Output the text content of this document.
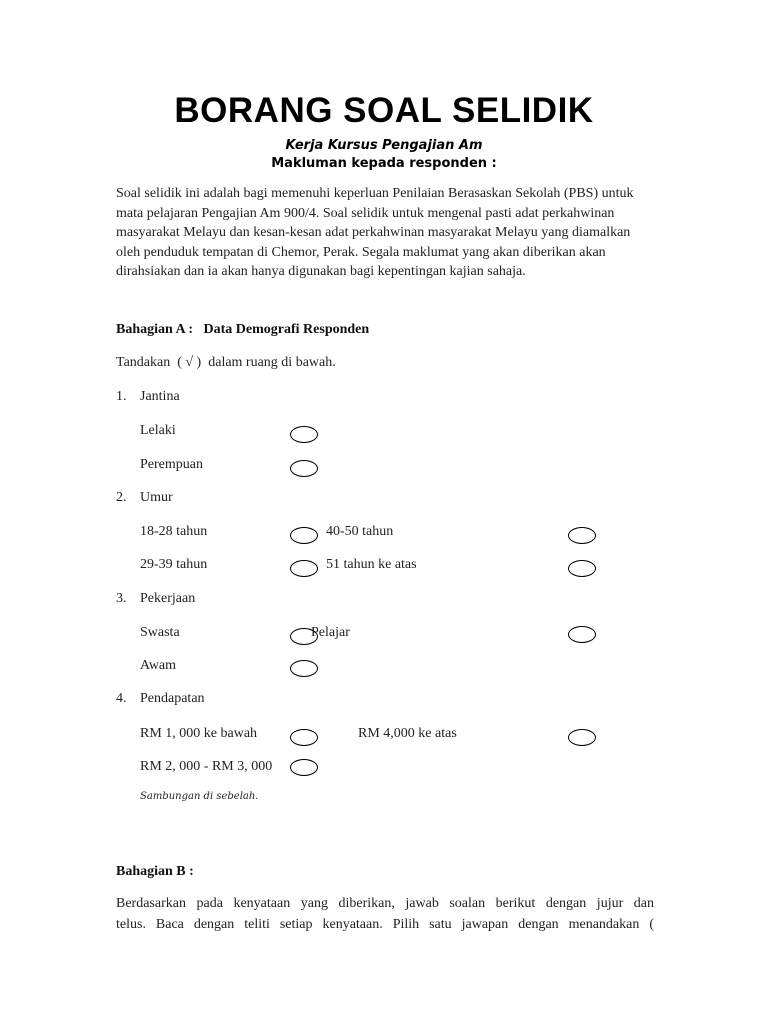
BORANG SOAL SELIDIK
Kerja Kursus Pengajian Am
Makluman kepada responden :
Soal selidik ini adalah bagi memenuhi keperluan Penilaian Berasaskan Sekolah (PBS) untuk mata pelajaran Pengajian Am 900/4. Soal selidik untuk mengenal pasti adat perkahwinan masyarakat Melayu dan kesan-kesan adat perkahwinan masyarakat Melayu yang diamalkan oleh penduduk tempatan di Chemor, Perak. Segala maklumat yang akan diberikan akan dirahsiakan dan ia akan hanya digunakan bagi kepentingan kajian sahaja.
Bahagian A :   Data Demografi Responden
Tandakan  ( √ )  dalam ruang di bawah.
1. Jantina
Lelaki
Perempuan
2. Umur
18-28 tahun	40-50 tahun
29-39 tahun	51 tahun ke atas
3. Pekerjaan
Swasta	Pelajar
Awam
4. Pendapatan
RM 1, 000 ke bawah	RM 4,000 ke atas
RM 2, 000 - RM 3, 000
Sambungan di sebelah.
Bahagian B :
Berdasarkan pada kenyataan yang diberikan, jawab soalan berikut dengan jujur dan
telus. Baca dengan teliti setiap kenyataan. Pilih satu jawapan dengan menandakan (
